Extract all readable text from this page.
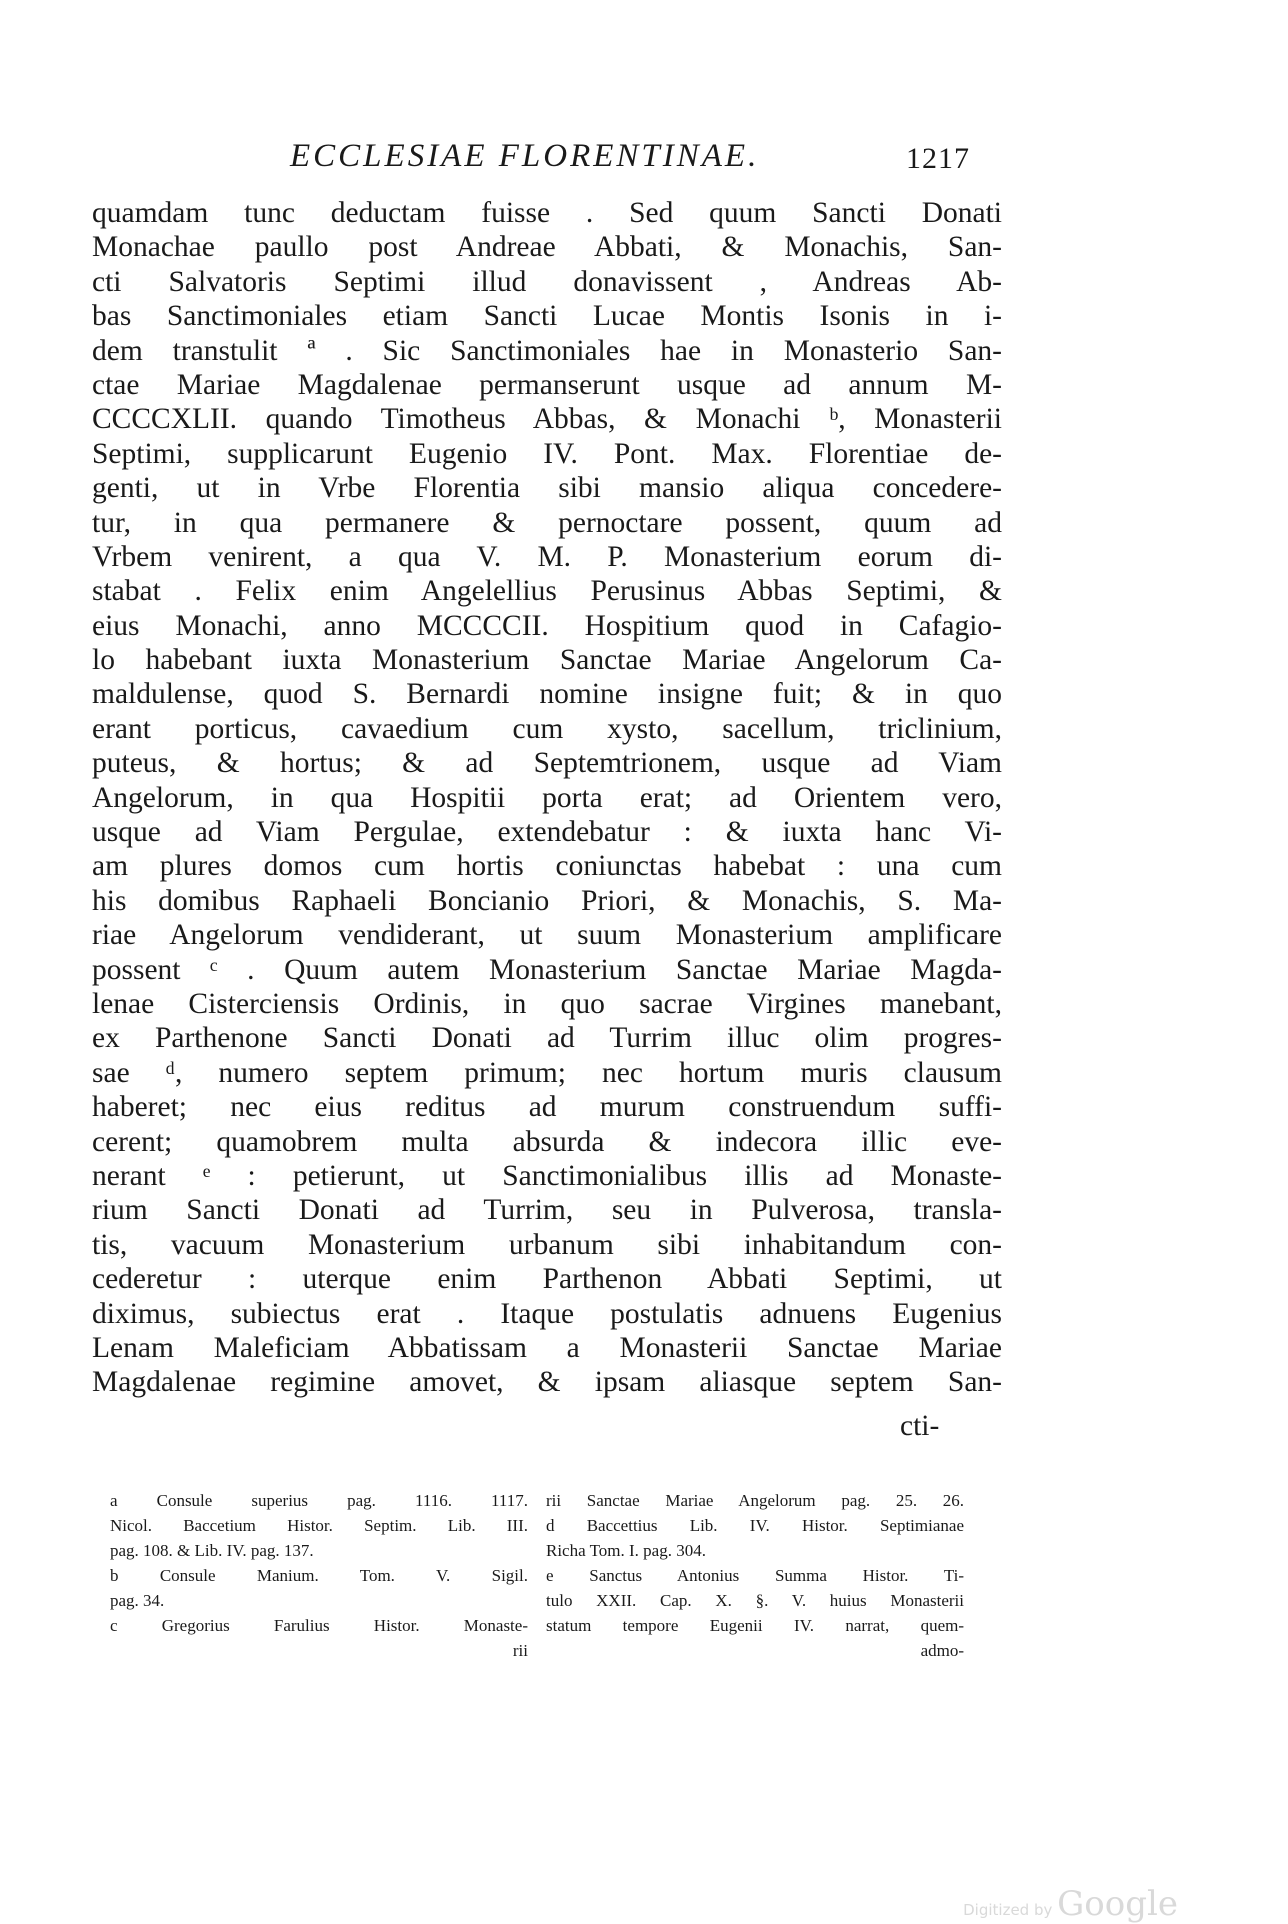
ECCLESIAE FLORENTINAE.	1217
quamdam tunc deductam fuisse . Sed quum Sancti Donati
Monachae paullo post Andreae Abbati, & Monachis, San-
cti Salvatoris Septimi illud donavissent , Andreas Ab-
bas Sanctimoniales etiam Sancti Lucae Montis Isonis in i-
dem transtulit ª . Sic Sanctimoniales hae in Monasterio San-
ctae Mariae Magdalenae permanserunt usque ad annum M-
CCCCXLII. quando Timotheus Abbas, & Monachi ᵇ, Monasterii
Septimi, supplicarunt Eugenio IV. Pont. Max. Florentiae de-
genti, ut in Vrbe Florentia sibi mansio aliqua concedere-
tur, in qua permanere & pernoctare possent, quum ad
Vrbem venirent, a qua V. M. P. Monasterium eorum di-
stabat . Felix enim Angelellius Perusinus Abbas Septimi, &
eius Monachi, anno MCCCCII. Hospitium quod in Cafagio-
lo habebant iuxta Monasterium Sanctae Mariae Angelorum Ca-
maldulense, quod S. Bernardi nomine insigne fuit; & in quo
erant porticus, cavaedium cum xysto, sacellum, triclinium,
puteus, & hortus; & ad Septemtrionem, usque ad Viam
Angelorum, in qua Hospitii porta erat; ad Orientem vero,
usque ad Viam Pergulae, extendebatur : & iuxta hanc Vi-
am plures domos cum hortis coniunctas habebat : una cum
his domibus Raphaeli Boncianio Priori, & Monachis, S. Ma-
riae Angelorum vendiderant, ut suum Monasterium amplificare
possent ᶜ . Quum autem Monasterium Sanctae Mariae Magda-
lenae Cisterciensis Ordinis, in quo sacrae Virgines manebant,
ex Parthenone Sancti Donati ad Turrim illuc olim progres-
sae ᵈ, numero septem primum; nec hortum muris clausum
haberet; nec eius reditus ad murum construendum suffi-
cerent; quamobrem multa absurda & indecora illic eve-
nerant ᵉ : petierunt, ut Sanctimonialibus illis ad Monaste-
rium Sancti Donati ad Turrim, seu in Pulverosa, transla-
tis, vacuum Monasterium urbanum sibi inhabitandum con-
cederetur : uterque enim Parthenon Abbati Septimi, ut
diximus, subiectus erat . Itaque postulatis adnuens Eugenius
Lenam Maleficiam Abbatissam a Monasterii Sanctae Mariae
Magdalenae regimine amovet, & ipsam aliasque septem San-
cti-
a Consule superius pag. 1116. 1117.
Nicol. Baccetium Histor. Septim. Lib. III.
pag. 108. & Lib. IV. pag. 137.
b Consule Manium. Tom. V. Sigil.
pag. 34.
c Gregorius Farulius Histor. Monaste-
rii
rii Sanctae Mariae Angelorum pag. 25. 26.
d Baccettius Lib. IV. Histor. Septimianae
Richa Tom. I. pag. 304.
e Sanctus Antonius Summa Histor. Ti-
tulo XXII. Cap. X. §. V. huius Monasterii
statum tempore Eugenii IV. narrat, quem-
admo-
Digitized by Google
